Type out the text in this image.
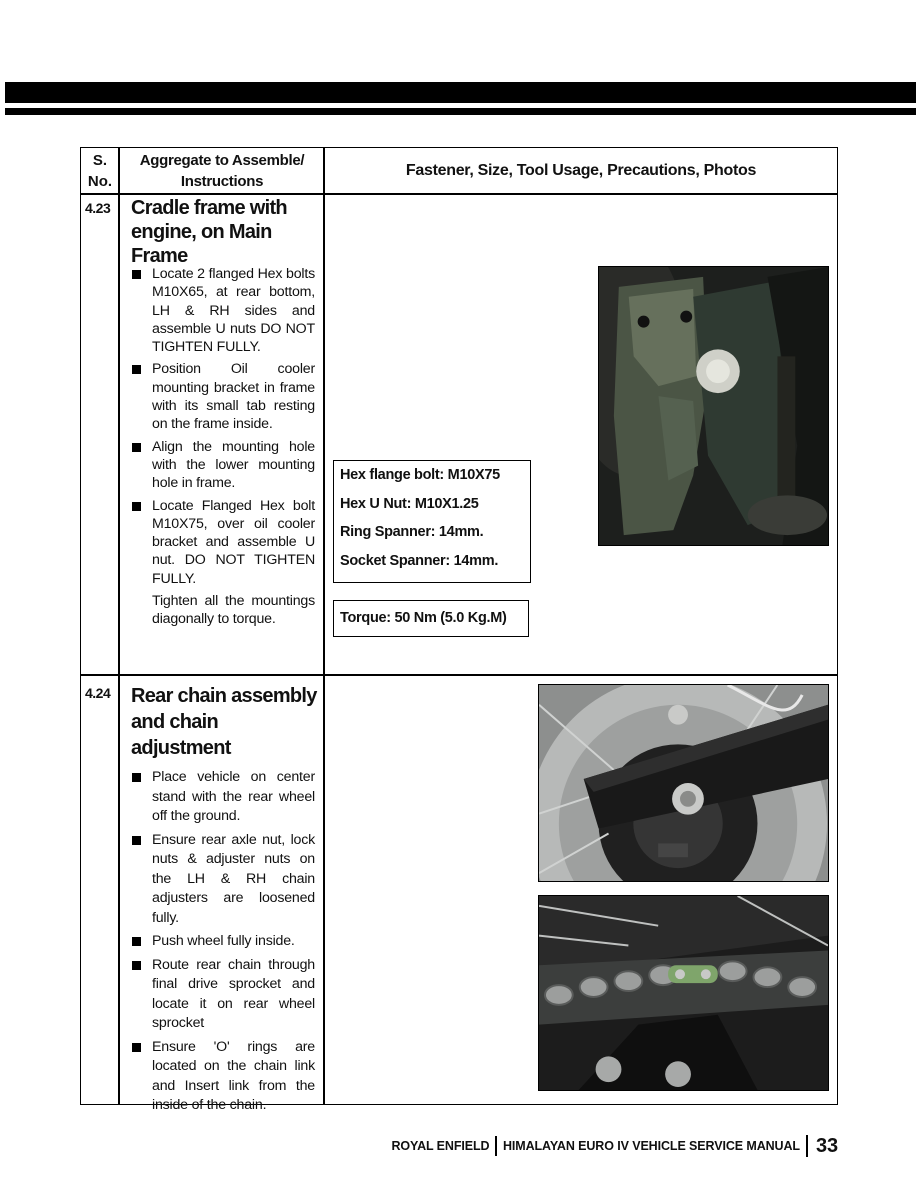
S.
No.
Aggregate to Assemble/
Instructions
Fastener, Size, Tool Usage, Precautions, Photos
4.23 Cradle frame with engine, on Main Frame
Locate 2 flanged Hex bolts M10X65, at rear bottom, LH & RH sides and assemble U nuts DO NOT TIGHTEN FULLY.
Position Oil cooler mounting bracket in frame with its small tab resting on the frame inside.
Align the mounting hole with the lower mounting hole in frame.
Locate Flanged Hex bolt M10X75, over oil cooler bracket and assemble U nut. DO NOT TIGHTEN FULLY.
Tighten all the mountings diagonally to torque.
Hex flange bolt: M10X75
Hex U Nut: M10X1.25
Ring Spanner: 14mm.
Socket Spanner: 14mm.
Torque: 50 Nm (5.0 Kg.M)
4.24 Rear chain assembly and chain adjustment
Place vehicle on center stand with the rear wheel off the ground.
Ensure rear axle nut, lock nuts & adjuster nuts on the LH & RH chain adjusters are loosened fully.
Push wheel fully inside.
Route rear chain through final drive sprocket and locate it on rear wheel sprocket
Ensure 'O' rings are located on the chain link and Insert link from the inside of the chain.
ROYAL ENFIELD HIMALAYAN EURO IV VEHICLE SERVICE MANUAL 33
